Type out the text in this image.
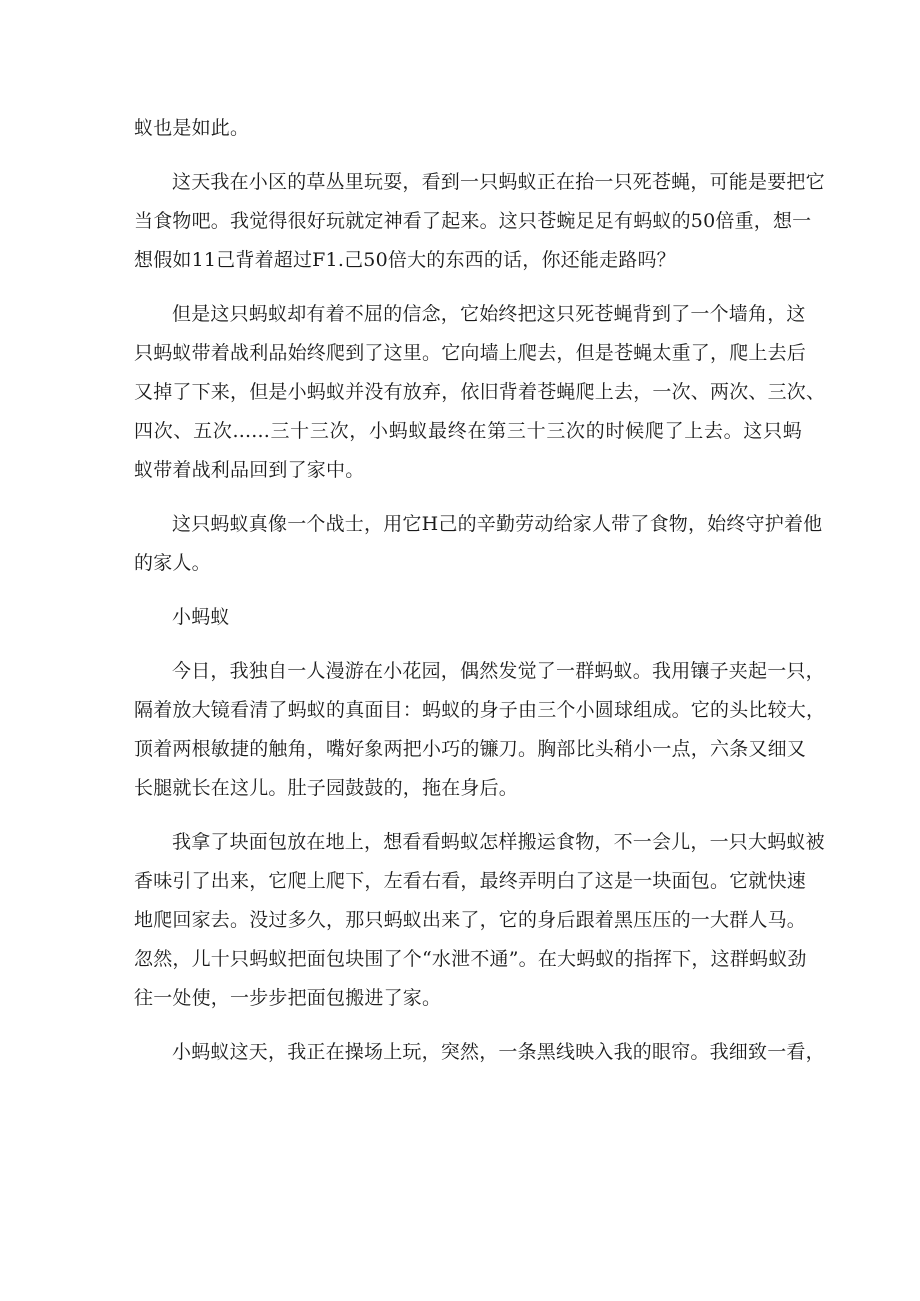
蚁也是如此。
这天我在小区的草丛里玩耍，看到一只蚂蚁正在抬一只死苍蝇，可能是要把它
当食物吧。我觉得很好玩就定神看了起来。这只苍蜿足足有蚂蚁的50倍重，想一
想假如11己背着超过F1.己50倍大的东西的话，你还能走路吗？
但是这只蚂蚁却有着不屈的信念，它始终把这只死苍蝇背到了一个墙角，这
只蚂蚁带着战利品始终爬到了这里。它向墙上爬去，但是苍蝇太重了，爬上去后
又掉了下来，但是小蚂蚁并没有放弃，依旧背着苍蝇爬上去，一次、两次、三次、
四次、五次......三十三次，小蚂蚁最终在第三十三次的时候爬了上去。这只蚂
蚁带着战利品回到了家中。
这只蚂蚁真像一个战士，用它H己的辛勤劳动给家人带了食物，始终守护着他
的家人。
小蚂蚁
今日，我独自一人漫游在小花园，偶然发觉了一群蚂蚁。我用镶子夹起一只，
隔着放大镜看清了蚂蚁的真面目：蚂蚁的身子由三个小圆球组成。它的头比较大，
顶着两根敏捷的触角，嘴好象两把小巧的镰刀。胸部比头稍小一点，六条又细又
长腿就长在这儿。肚子园鼓鼓的，拖在身后。
我拿了块面包放在地上，想看看蚂蚁怎样搬运食物，不一会儿，一只大蚂蚁被
香味引了出来，它爬上爬下，左看右看，最终弄明白了这是一块面包。它就快速
地爬回家去。没过多久，那只蚂蚁出来了，它的身后跟着黑压压的一大群人马。
忽然，儿十只蚂蚁把面包块围了个“水泄不通”。在大蚂蚁的指挥下，这群蚂蚁劲
往一处使，一步步把面包搬进了家。
小蚂蚁这天，我正在操场上玩，突然，一条黑线映入我的眼帘。我细致一看，
